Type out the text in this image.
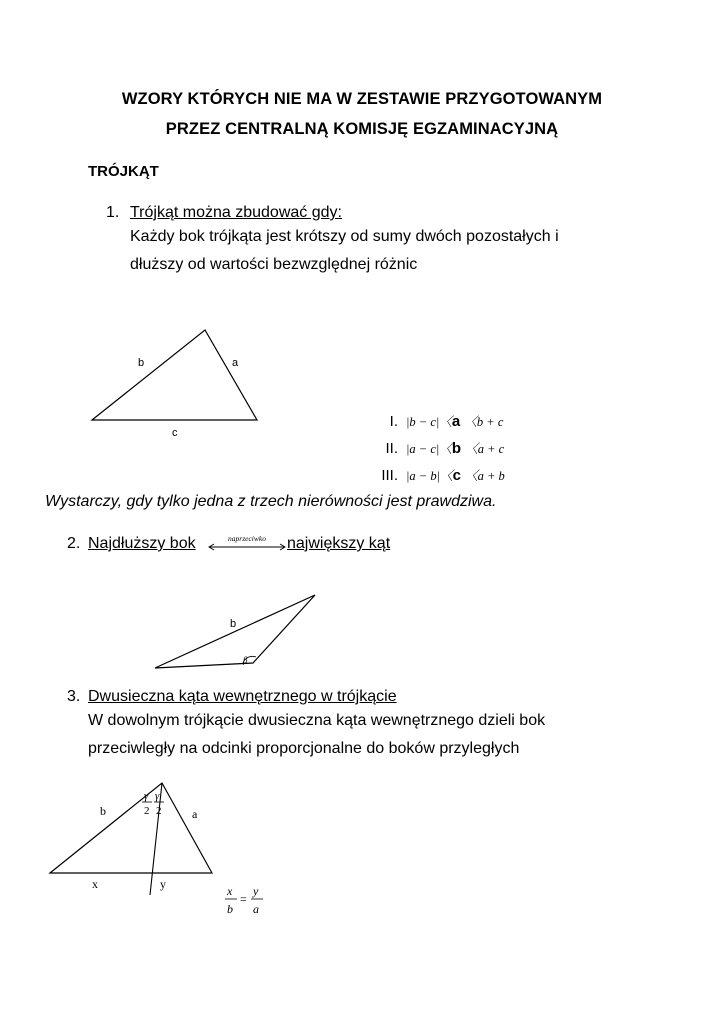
WZORY KTÓRYCH NIE MA W ZESTAWIE PRZYGOTOWANYM
PRZEZ CENTRALNĄ KOMISJĘ EGZAMINACYJNĄ
TRÓJKĄT
1. Trójkąt można zbudować gdy:
Każdy bok trójkąta jest krótszy od sumy dwóch pozostałych i
dłuższy od wartości bezwzględnej różnic
b	a
c
I. |b − c|〈a 〈b + c
II. |a − c|〈b 〈a + c
III. |a − b|〈c 〈a + b
Wystarczy, gdy tylko jedna z trzech nierówności jest prawdziwa.
2. Najdłuższy bok	naprzeciwko największy kąt
b
β
3. Dwusieczna kąta wewnętrznego w trójkącie
W dowolnym trójkącie dwusieczna kąta wewnętrznego dzieli bok
przeciwległy na odcinki proporcjonalne do boków przyległych
b	a
x	y
γ
2
γ
2
x
b
=
y
a
